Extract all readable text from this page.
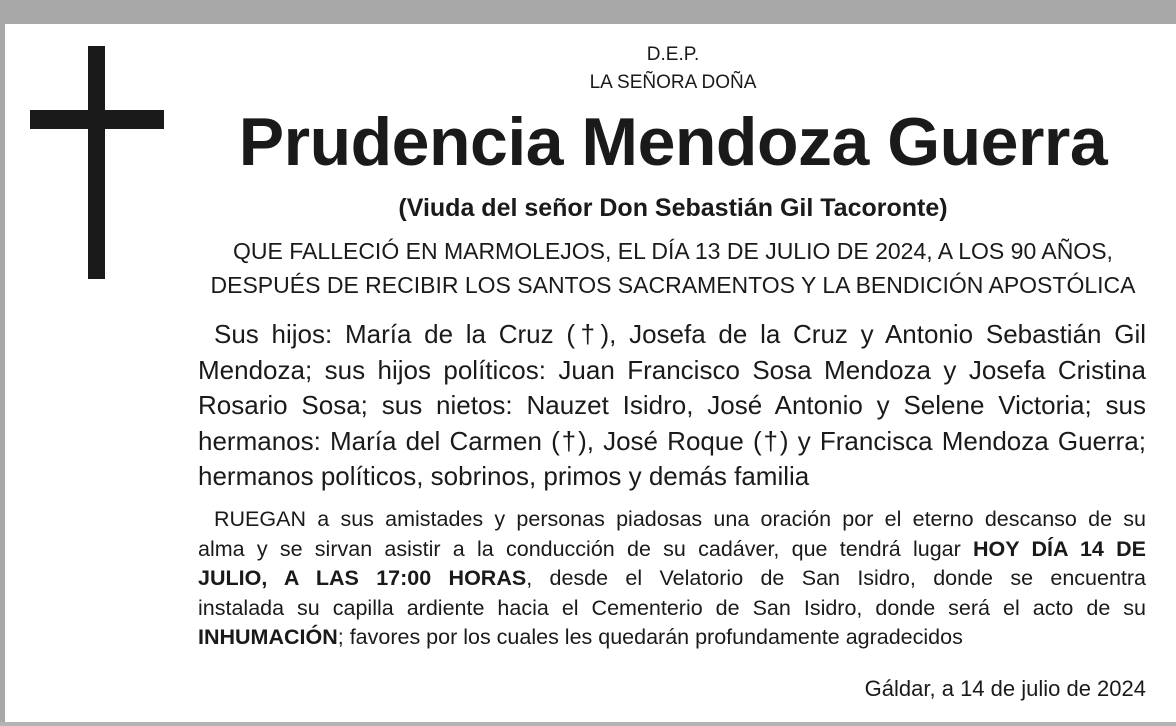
D.E.P.
LA SEÑORA DOÑA
Prudencia Mendoza Guerra
(Viuda del señor Don Sebastián Gil Tacoronte)
QUE FALLECIÓ EN MARMOLEJOS, EL DÍA 13 DE JULIO DE 2024, A LOS 90 AÑOS,
DESPUÉS DE RECIBIR LOS SANTOS SACRAMENTOS Y LA BENDICIÓN APOSTÓLICA
Sus hijos: María de la Cruz (†), Josefa de la Cruz y Antonio Sebastián Gil
Mendoza; sus hijos políticos: Juan Francisco Sosa Mendoza y Josefa Cristina
Rosario Sosa; sus nietos: Nauzet Isidro, José Antonio y Selene Victoria; sus
hermanos: María del Carmen (†), José Roque (†) y Francisca Mendoza Guerra;
hermanos políticos, sobrinos, primos y demás familia
RUEGAN a sus amistades y personas piadosas una oración por el eterno descanso de su
alma y se sirvan asistir a la conducción de su cadáver, que tendrá lugar HOY DÍA 14 DE
JULIO, A LAS 17:00 HORAS, desde el Velatorio de San Isidro, donde se encuentra
instalada su capilla ardiente hacia el Cementerio de San Isidro, donde será el acto de su
INHUMACIÓN; favores por los cuales les quedarán profundamente agradecidos
Gáldar, a 14 de julio de 2024
